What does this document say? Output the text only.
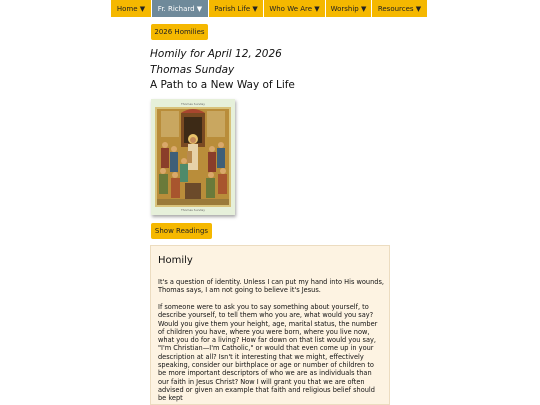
Home ▼	Fr. Richard ▼	Parish Life ▼	Who We Are ▼	Worship ▼	Resources ▼
2026 Homilies
Homily for April 12, 2026
Thomas Sunday
A Path to a New Way of Life
Thomas Sunday
Thomas Sunday
Show Readings
Homily

It's a question of identity. Unless I can put my hand into His wounds, Thomas says, I am not going to believe it's Jesus.

If someone were to ask you to say something about yourself, to describe yourself, to tell them who you are, what would you say? Would you give them your height, age, marital status, the number of children you have, where you were born, where you live now, what you do for a living? How far down on that list would you say, "I'm Christian—I'm Catholic," or would that even come up in your description at all? Isn't it interesting that we might, effectively speaking, consider our birthplace or age or number of children to be more important descriptors of who we are as individuals than our faith in Jesus Christ? Now I will grant you that we are often advised or given an example that faith and religious belief should be kept
